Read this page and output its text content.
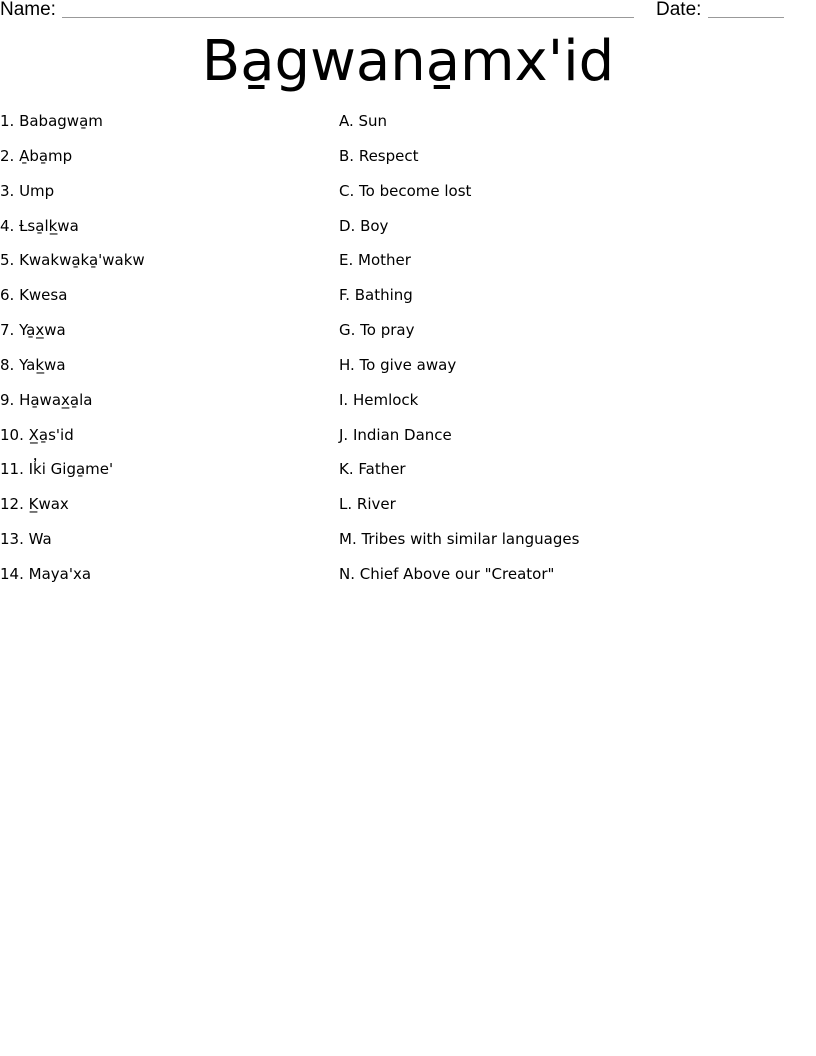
Name:	Date:
Ba̱gwana̱mx'id
1. Babagwa̱m	A. Sun
2. A̱ba̱mp	B. Respect
3. Ump	C. To become lost
4. Ƚsa̱lk̲wa	D. Boy
5. Kwakwa̱ka̱'wakw	E. Mother
6. Kwesa	F. Bathing
7. Ya̱x̲wa	G. To pray
8. Yak̲wa	H. To give away
9. Ha̱wax̲a̱la	I. Hemlock
10. X̲a̱s'id	J. Indian Dance
11. Ik̓i Giga̱me'	K. Father
12. K̲wax	L. River
13. Wa	M. Tribes with similar languages
14. Maya'xa	N. Chief Above our "Creator"
